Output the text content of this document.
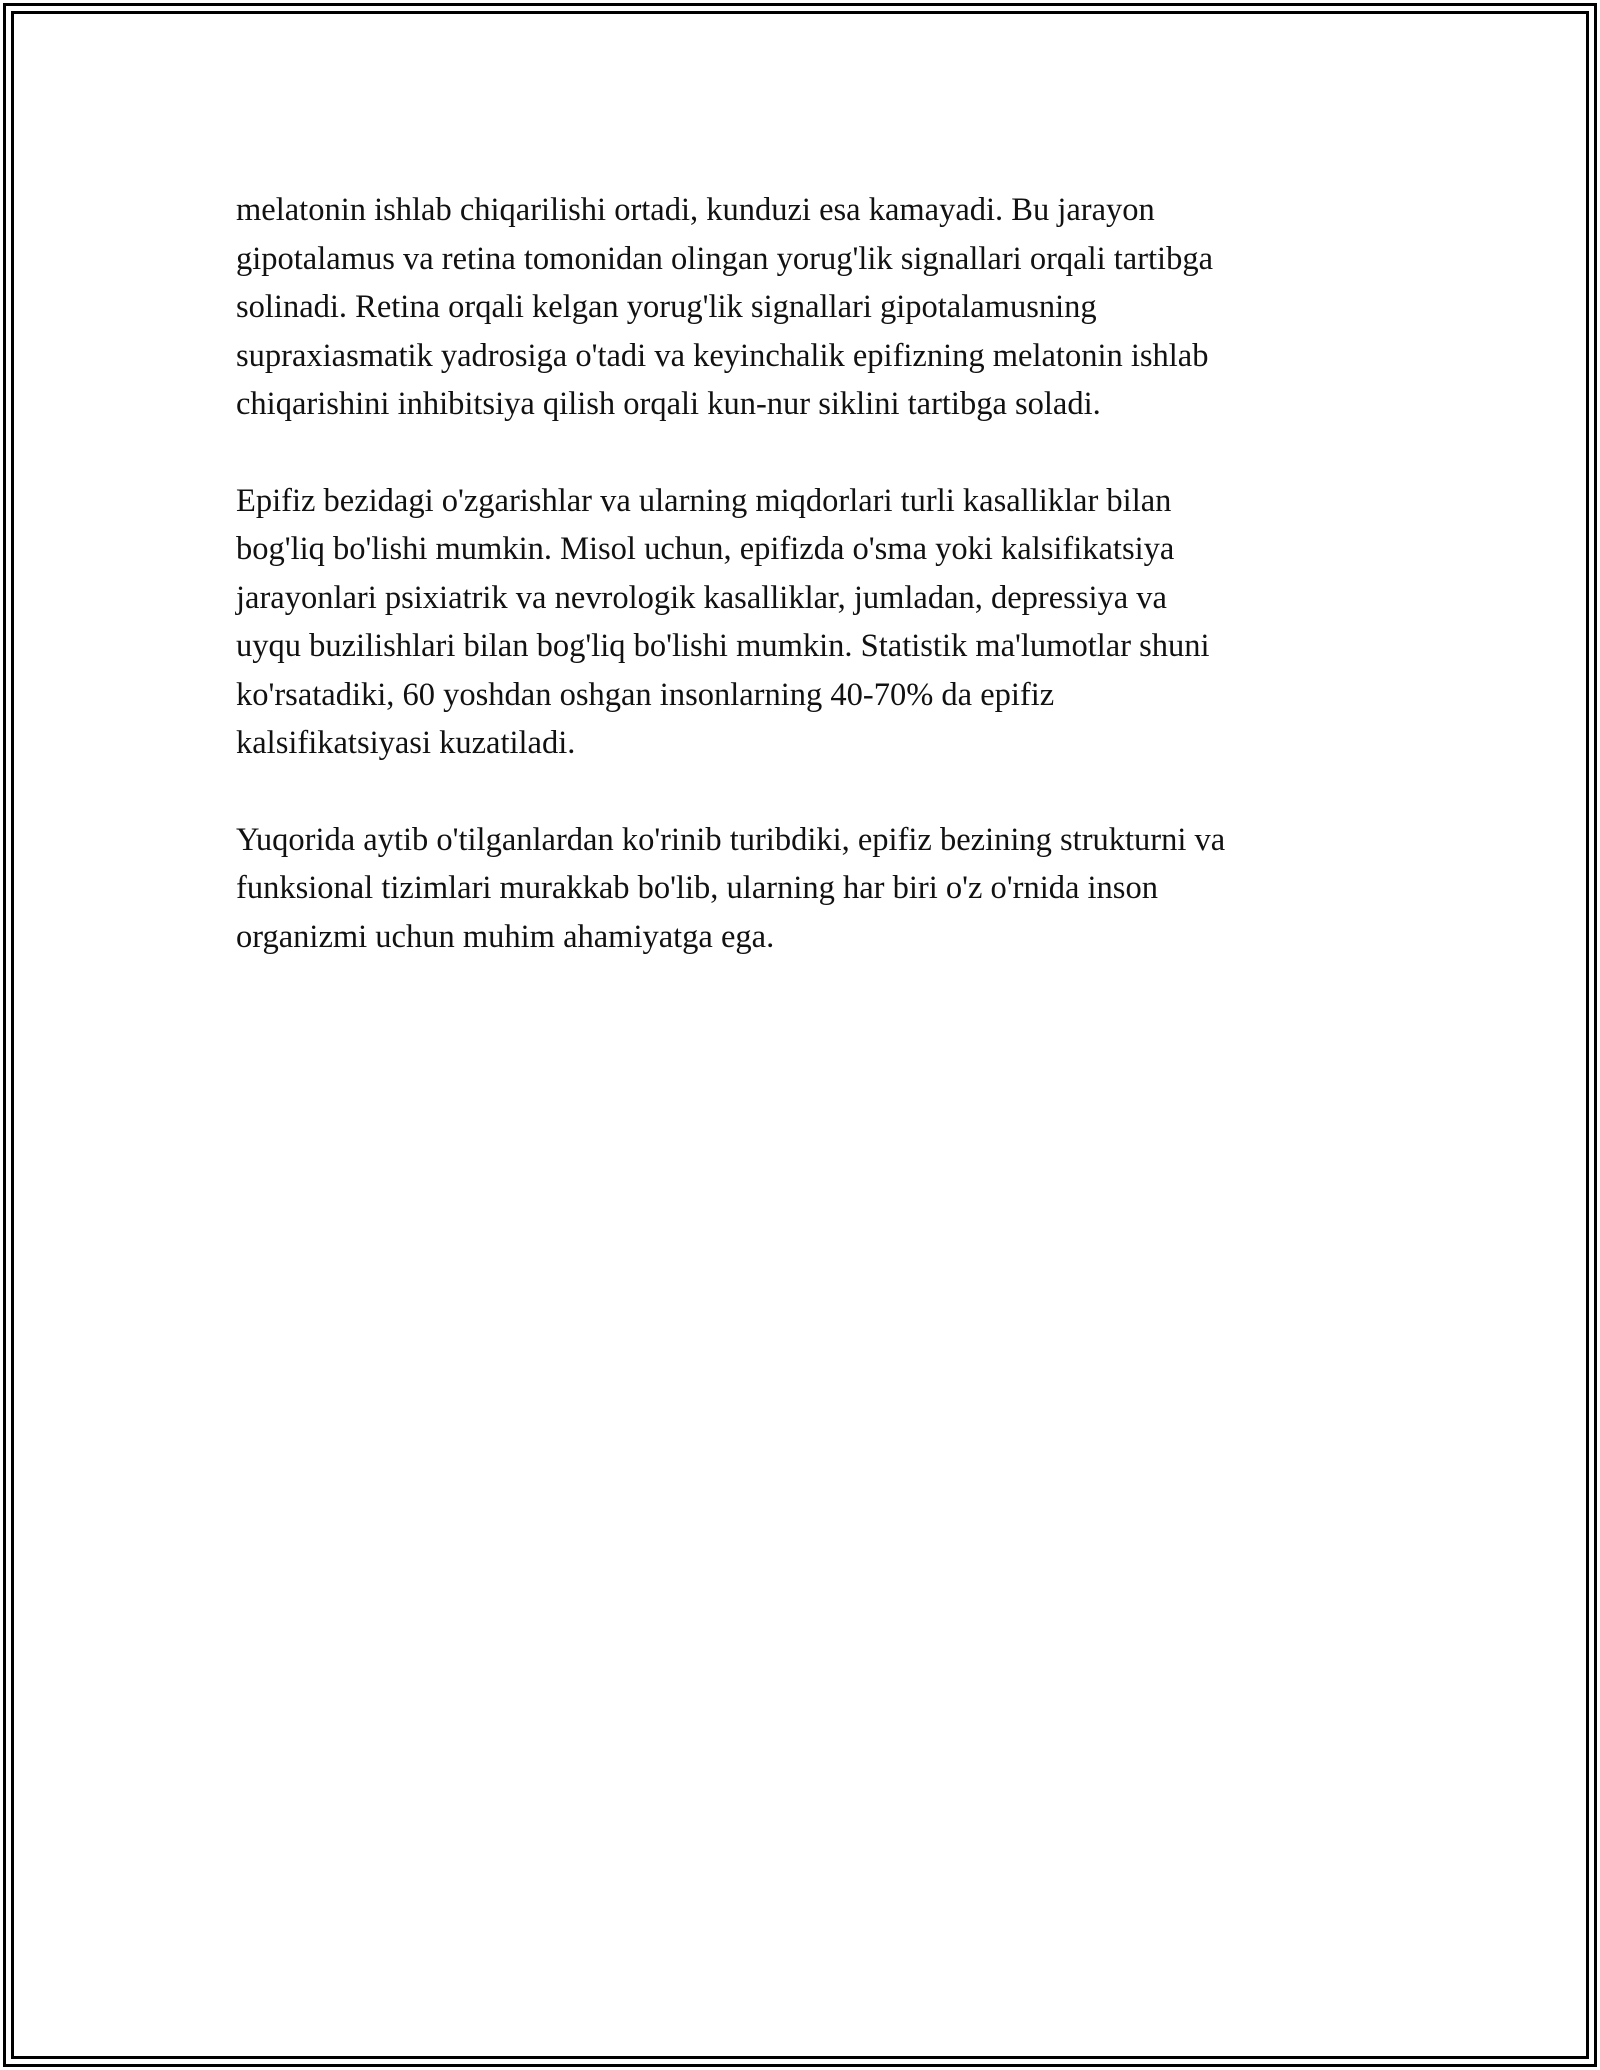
melatonin ishlab chiqarilishi ortadi, kunduzi esa kamayadi. Bu jarayon
gipotalamus va retina tomonidan olingan yorug'lik signallari orqali tartibga
solinadi. Retina orqali kelgan yorug'lik signallari gipotalamusning
supraxiasmatik yadrosiga o'tadi va keyinchalik epifizning melatonin ishlab
chiqarishini inhibitsiya qilish orqali kun-nur siklini tartibga soladi.

Epifiz bezidagi o'zgarishlar va ularning miqdorlari turli kasalliklar bilan
bog'liq bo'lishi mumkin. Misol uchun, epifizda o'sma yoki kalsifikatsiya
jarayonlari psixiatrik va nevrologik kasalliklar, jumladan, depressiya va
uyqu buzilishlari bilan bog'liq bo'lishi mumkin. Statistik ma'lumotlar shuni
ko'rsatadiki, 60 yoshdan oshgan insonlarning 40-70% da epifiz
kalsifikatsiyasi kuzatiladi.

Yuqorida aytib o'tilganlardan ko'rinib turibdiki, epifiz bezining strukturni va
funksional tizimlari murakkab bo'lib, ularning har biri o'z o'rnida inson
organizmi uchun muhim ahamiyatga ega.
